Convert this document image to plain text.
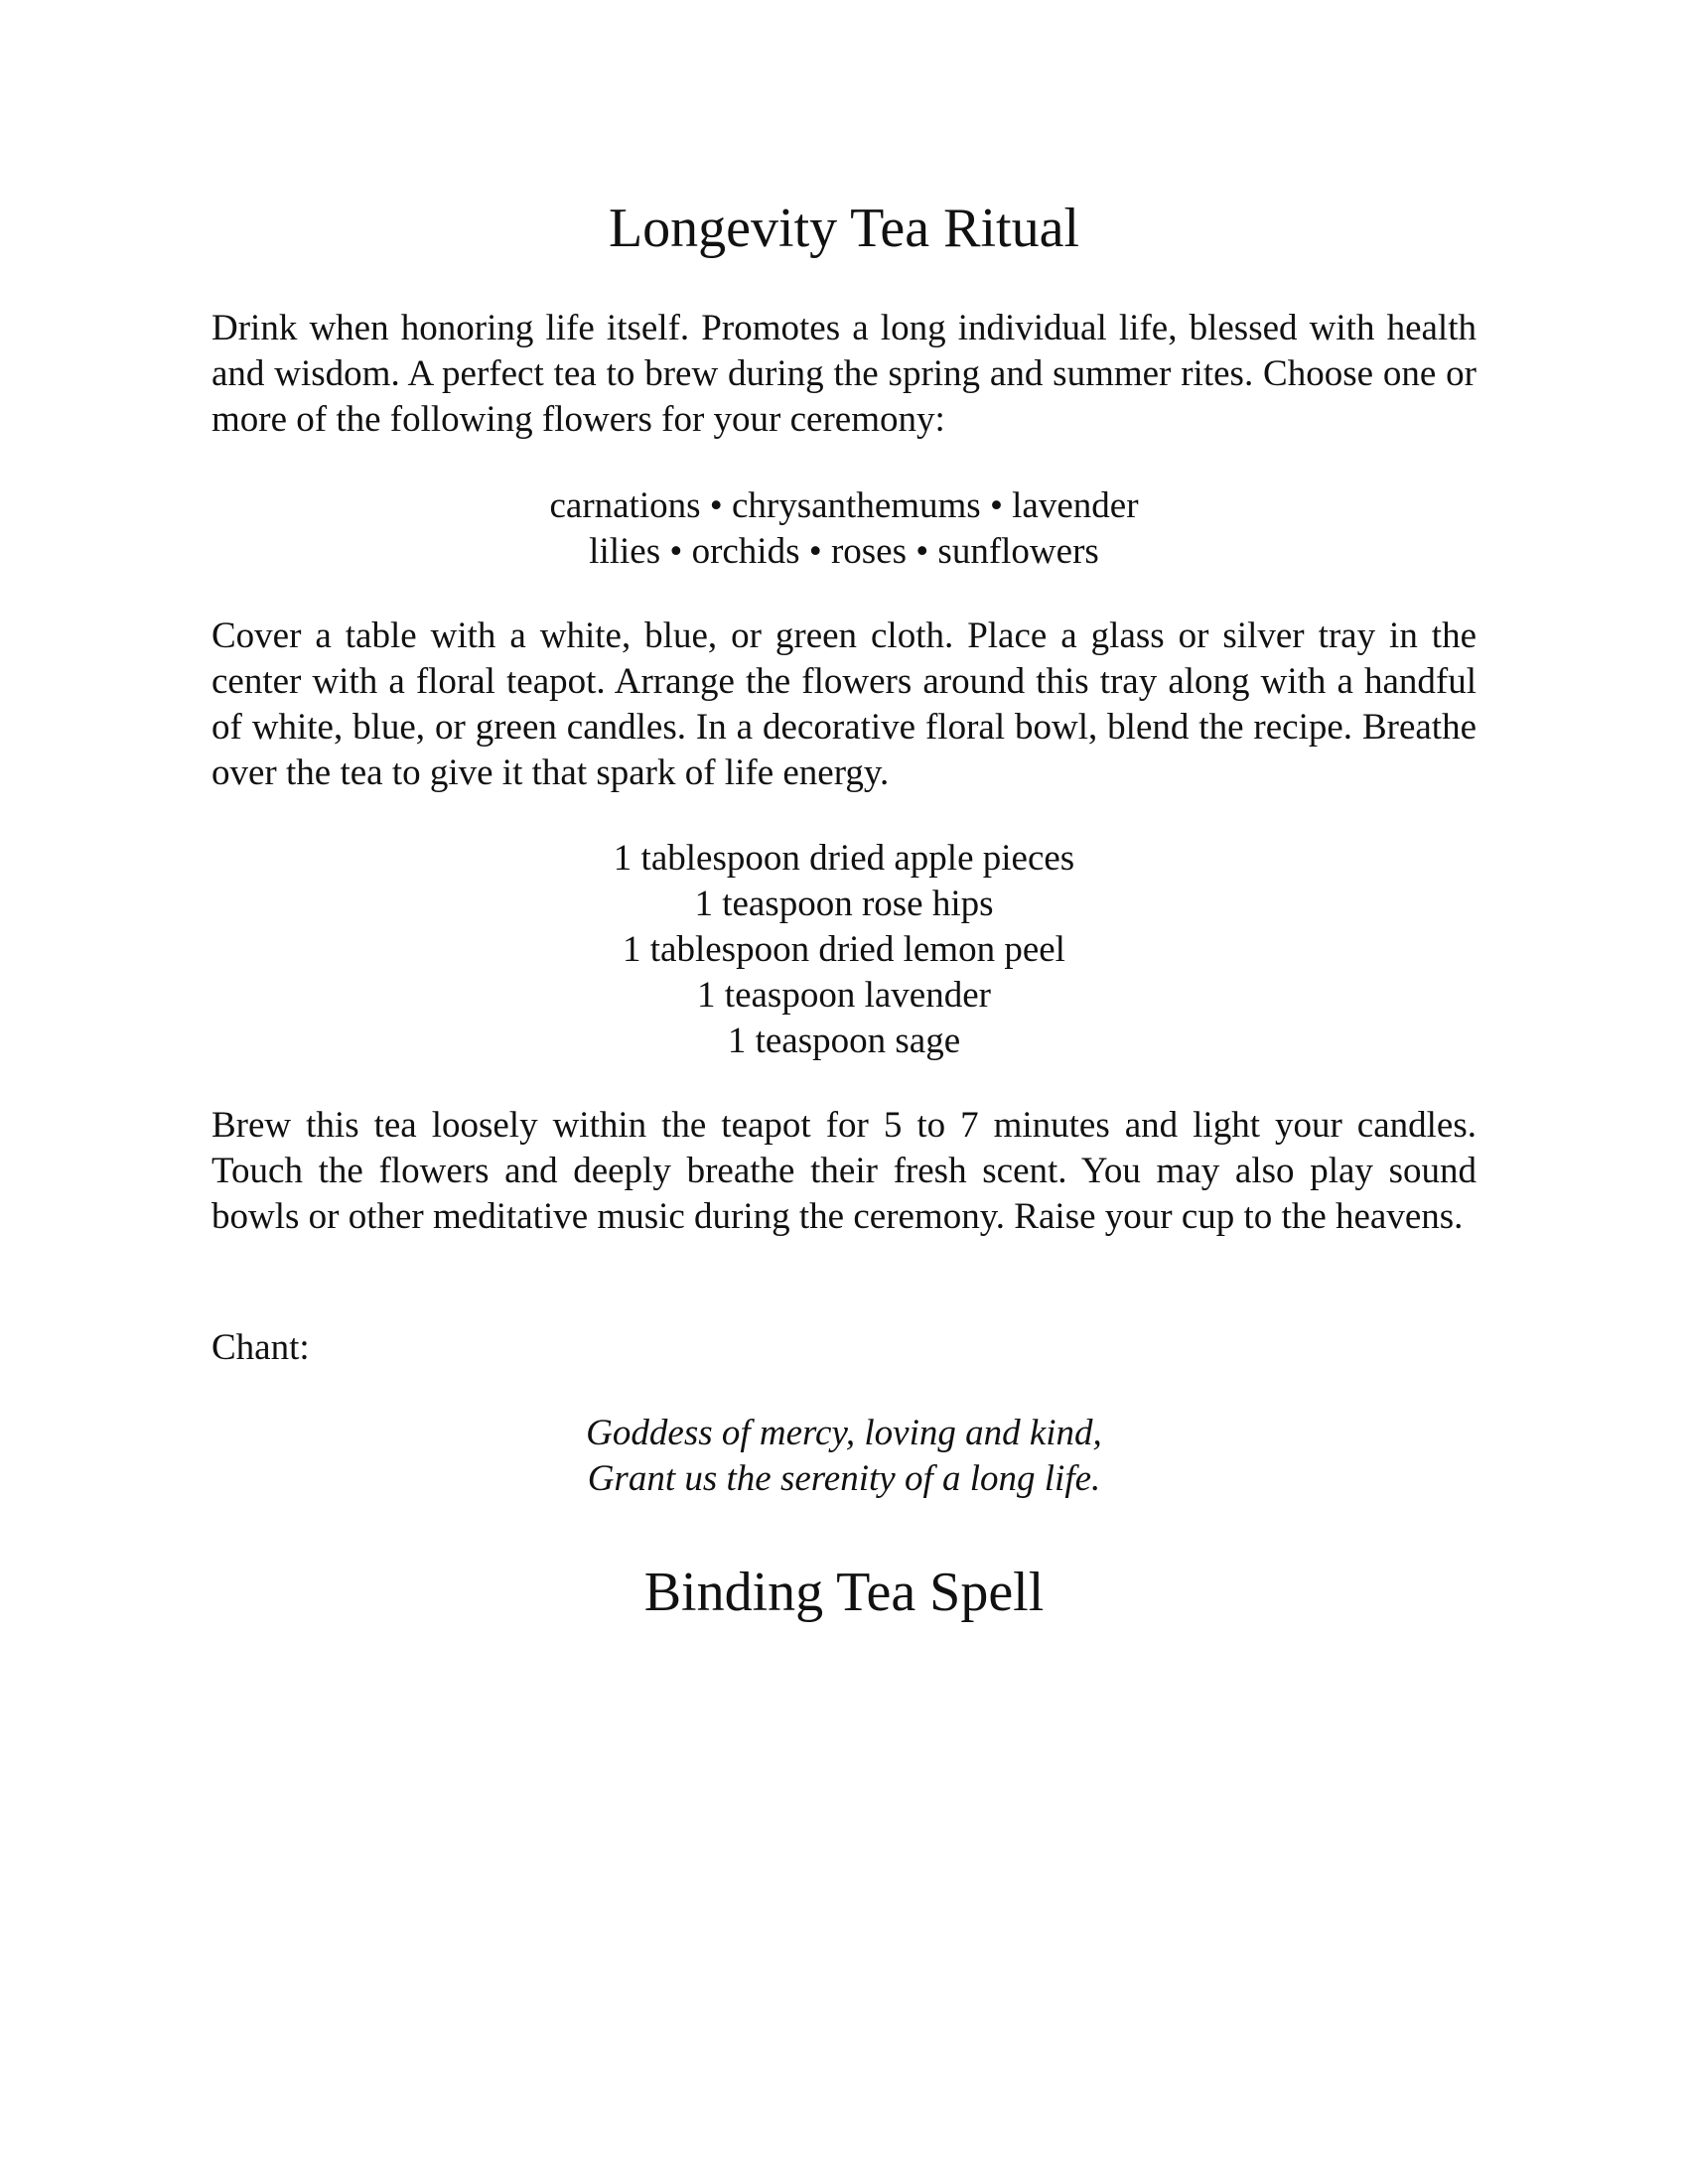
Longevity Tea Ritual

Drink when honoring life itself. Promotes a long individual life, blessed with health and wisdom. A perfect tea to brew during the spring and summer rites. Choose one or more of the following flowers for your ceremony:

carnations • chrysanthemums • lavender
lilies • orchids • roses • sunflowers

Cover a table with a white, blue, or green cloth. Place a glass or silver tray in the center with a floral teapot. Arrange the flowers around this tray along with a handful of white, blue, or green candles. In a decorative floral bowl, blend the recipe. Breathe over the tea to give it that spark of life energy.

1 tablespoon dried apple pieces
1 teaspoon rose hips
1 tablespoon dried lemon peel
1 teaspoon lavender
1 teaspoon sage

Brew this tea loosely within the teapot for 5 to 7 minutes and light your candles. Touch the flowers and deeply breathe their fresh scent. You may also play sound bowls or other meditative music during the ceremony. Raise your cup to the heavens.

Chant:

Goddess of mercy, loving and kind,
Grant us the serenity of a long life.
Binding Tea Spell
